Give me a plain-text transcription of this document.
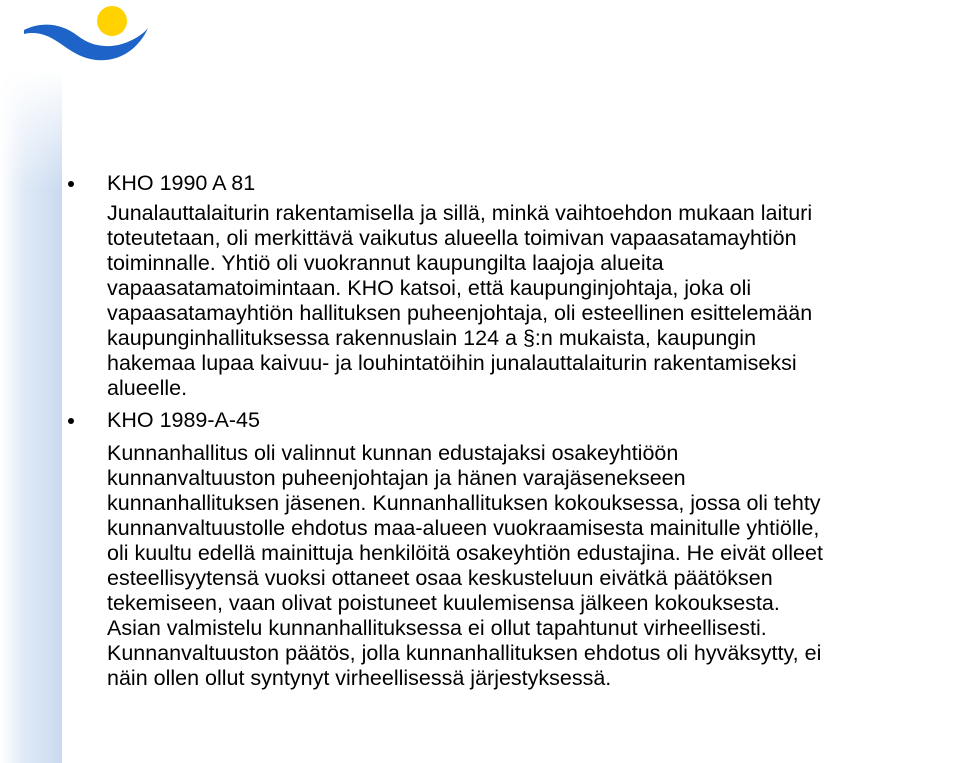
KHO 1990 A 81

Junalauttalaiturin rakentamisella ja sillä, minkä vaihtoehdon mukaan laituri
toteutetaan, oli merkittävä vaikutus alueella toimivan vapaasatamayhtiön
toiminnalle. Yhtiö oli vuokrannut kaupungilta laajoja alueita
vapaasatamatoimintaan. KHO katsoi, että kaupunginjohtaja, joka oli
vapaasatamayhtiön hallituksen puheenjohtaja, oli esteellinen esittelemään
kaupunginhallituksessa rakennuslain 124 a §:n mukaista, kaupungin
hakemaa lupaa kaivuu- ja louhintatöihin junalauttalaiturin rakentamiseksi
alueelle.

KHO 1989-A-45

Kunnanhallitus oli valinnut kunnan edustajaksi osakeyhtiöön
kunnanvaltuuston puheenjohtajan ja hänen varajäsenekseen
kunnanhallituksen jäsenen. Kunnanhallituksen kokouksessa, jossa oli tehty
kunnanvaltuustolle ehdotus maa-alueen vuokraamisesta mainitulle yhtiölle,
oli kuultu edellä mainittuja henkilöitä osakeyhtiön edustajina. He eivät olleet
esteellisyytensä vuoksi ottaneet osaa keskusteluun eivätkä päätöksen
tekemiseen, vaan olivat poistuneet kuulemisensa jälkeen kokouksesta.
Asian valmistelu kunnanhallituksessa ei ollut tapahtunut virheellisesti.
Kunnanvaltuuston päätös, jolla kunnanhallituksen ehdotus oli hyväksytty, ei
näin ollen ollut syntynyt virheellisessä järjestyksessä.
